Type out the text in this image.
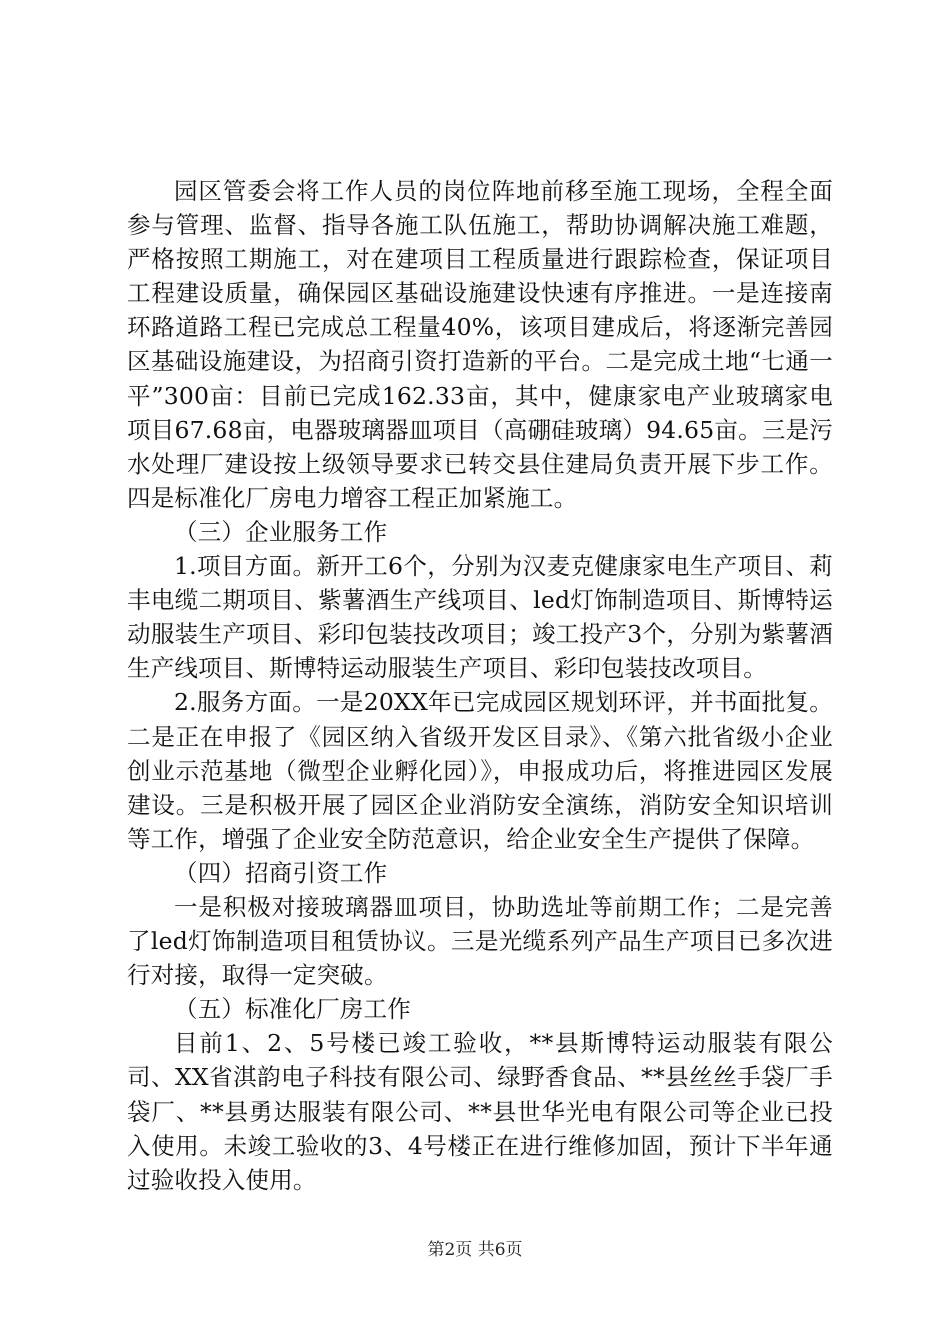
园区管委会将工作人员的岗位阵地前移至施工现场，全程全面参与管理、监督、指导各施工队伍施工，帮助协调解决施工难题，严格按照工期施工，对在建项目工程质量进行跟踪检查，保证项目工程建设质量，确保园区基础设施建设快速有序推进。一是连接南环路道路工程已完成总工程量40%，该项目建成后，将逐渐完善园区基础设施建设，为招商引资打造新的平台。二是完成土地“七通一平”300亩：目前已完成162.33亩，其中，健康家电产业玻璃家电项目67.68亩，电器玻璃器皿项目（高硼硅玻璃）94.65亩。三是污水处理厂建设按上级领导要求已转交县住建局负责开展下步工作。四是标准化厂房电力增容工程正加紧施工。

（三）企业服务工作

1.项目方面。新开工6个，分别为汉麦克健康家电生产项目、莉丰电缆二期项目、紫薯酒生产线项目、led灯饰制造项目、斯博特运动服装生产项目、彩印包装技改项目；竣工投产3个，分别为紫薯酒生产线项目、斯博特运动服装生产项目、彩印包装技改项目。

2.服务方面。一是20XX年已完成园区规划环评，并书面批复。二是正在申报了《园区纳入省级开发区目录》、《第六批省级小企业创业示范基地（微型企业孵化园）》，申报成功后，将推进园区发展建设。三是积极开展了园区企业消防安全演练，消防安全知识培训等工作，增强了企业安全防范意识，给企业安全生产提供了保障。

（四）招商引资工作

一是积极对接玻璃器皿项目，协助选址等前期工作；二是完善了led灯饰制造项目租赁协议。三是光缆系列产品生产项目已多次进行对接，取得一定突破。

（五）标准化厂房工作

目前1、2、5号楼已竣工验收，**县斯博特运动服装有限公司、XX省淇韵电子科技有限公司、绿野香食品、**县丝丝手袋厂手袋厂、**县勇达服装有限公司、**县世华光电有限公司等企业已投入使用。未竣工验收的3、4号楼正在进行维修加固，预计下半年通过验收投入使用。

第2页 共6页
